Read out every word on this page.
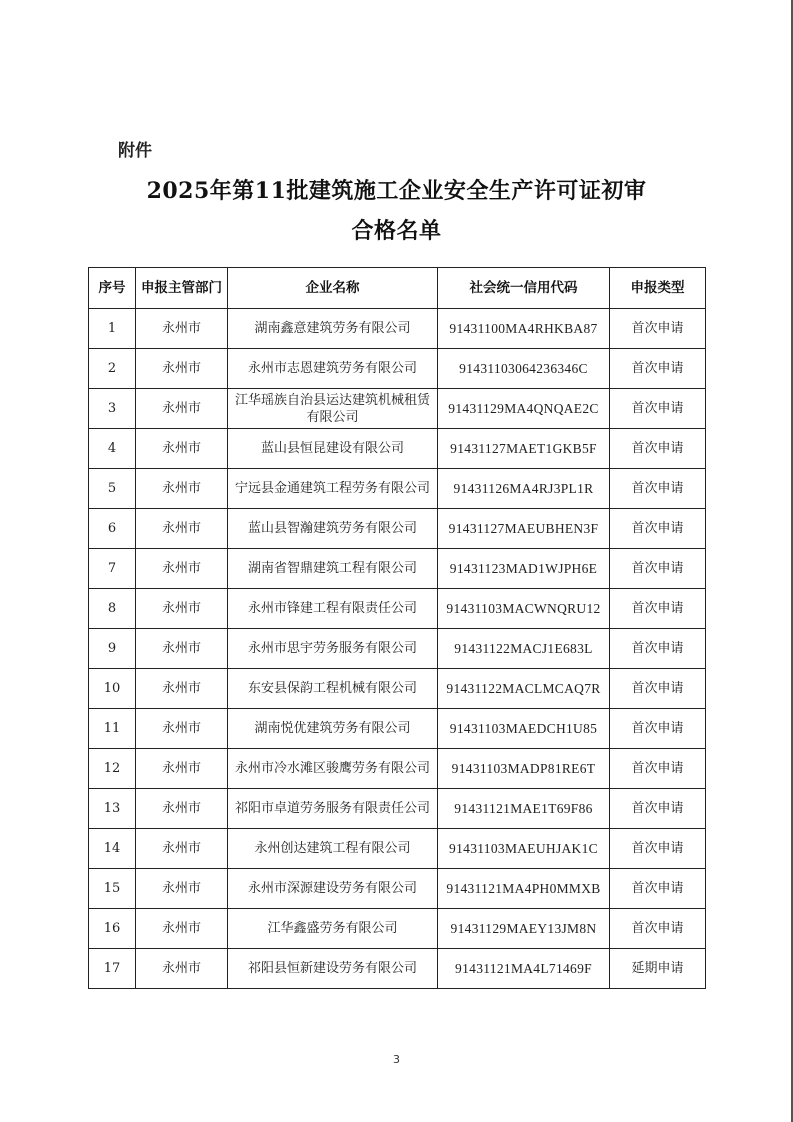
附件
2025年第11批建筑施工企业安全生产许可证初审
合格名单
序号	申报主管部门	企业名称	社会统一信用代码	申报类型
1	永州市	湖南鑫意建筑劳务有限公司	91431100MA4RHKBA87	首次申请
2	永州市	永州市志恩建筑劳务有限公司	91431103064236346C	首次申请
3	永州市	江华瑶族自治县运达建筑机械租赁有限公司	91431129MA4QNQAE2C	首次申请
4	永州市	蓝山县恒昆建设有限公司	91431127MAET1GKB5F	首次申请
5	永州市	宁远县金通建筑工程劳务有限公司	91431126MA4RJ3PL1R	首次申请
6	永州市	蓝山县智瀚建筑劳务有限公司	91431127MAEUBHEN3F	首次申请
7	永州市	湖南省智鼎建筑工程有限公司	91431123MAD1WJPH6E	首次申请
8	永州市	永州市锋建工程有限责任公司	91431103MACWNQRU12	首次申请
9	永州市	永州市思宇劳务服务有限公司	91431122MACJ1E683L	首次申请
10	永州市	东安县保韵工程机械有限公司	91431122MACLMCAQ7R	首次申请
11	永州市	湖南悦优建筑劳务有限公司	91431103MAEDCH1U85	首次申请
12	永州市	永州市冷水滩区骏鹰劳务有限公司	91431103MADP81RE6T	首次申请
13	永州市	祁阳市卓道劳务服务有限责任公司	91431121MAE1T69F86	首次申请
14	永州市	永州创达建筑工程有限公司	91431103MAEUHJAK1C	首次申请
15	永州市	永州市深源建设劳务有限公司	91431121MA4PH0MMXB	首次申请
16	永州市	江华鑫盛劳务有限公司	91431129MAEY13JM8N	首次申请
17	永州市	祁阳县恒新建设劳务有限公司	91431121MA4L71469F	延期申请
3
